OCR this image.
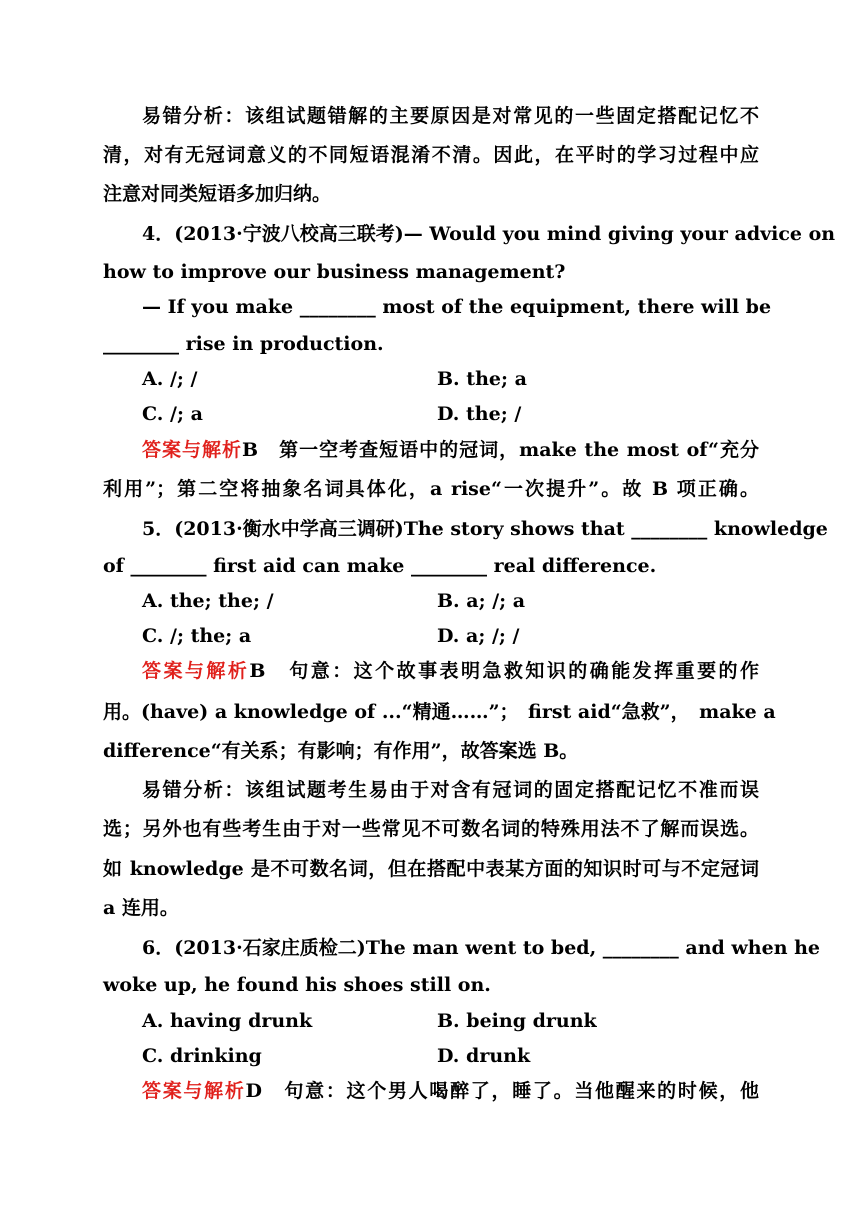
易错分析：该组试题错解的主要原因是对常见的一些固定搭配记忆不
清，对有无冠词意义的不同短语混淆不清。因此，在平时的学习过程中应
注意对同类短语多加归纳。
4．(2013·宁波八校高三联考)— Would you mind giving your advice on
how to improve our business management?
— If you make ________ most of the equipment, there will be
________ rise in production.
A. /; /	B. the; a
C. /; a	D. the; /
答案与解析B　第一空考查短语中的冠词，make the most of“充分
利用”；第二空将抽象名词具体化，a rise“一次提升”。故 B 项正确。
5．(2013·衡水中学高三调研)The story shows that ________ knowledge
of ________ first aid can make ________ real difference.
A. the; the; /	B. a; /; a
C. /; the; a	D. a; /; /
答案与解析B　句意：这个故事表明急救知识的确能发挥重要的作
用。(have) a knowledge of ...“精通……”；　first aid“急救”，　make a
difference“有关系；有影响；有作用”，故答案选 B。
易错分析：该组试题考生易由于对含有冠词的固定搭配记忆不准而误
选；另外也有些考生由于对一些常见不可数名词的特殊用法不了解而误选。
如 knowledge 是不可数名词，但在搭配中表某方面的知识时可与不定冠词
a 连用。
6．(2013·石家庄质检二)The man went to bed, ________ and when he
woke up, he found his shoes still on.
A. having drunk	B. being drunk
C. drinking	D. drunk
答案与解析D　句意：这个男人喝醉了，睡了。当他醒来的时候，他
